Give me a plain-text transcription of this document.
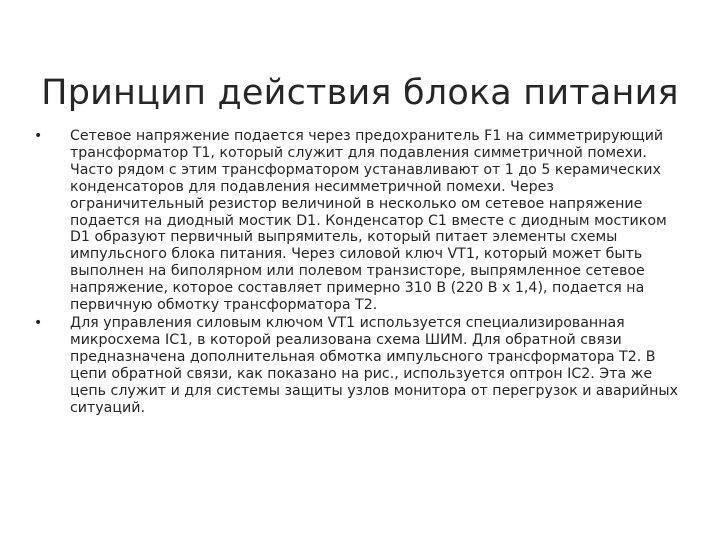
Принцип действия блока питания
• Сетевое напряжение подается через предохранитель F1 на симметрирующий трансформатор Т1, который служит для подавления симметричной помехи. Часто рядом с этим трансформатором устанавливают от 1 до 5 керамических конденсаторов для подавления несимметричной помехи. Через ограничительный резистор величиной в несколько ом сетевое напряжение подается на диодный мостик D1. Конденсатор С1 вместе с диодным мостиком D1 образуют первичный выпрямитель, который питает элементы схемы импульсного блока питания. Через силовой ключ VT1, который может быть выполнен на биполярном или полевом транзисторе, выпрямленное сетевое напряжение, которое составляет примерно 310 В (220 В х 1,4), подается на первичную обмотку трансформатора Т2.
• Для управления силовым ключом VT1 используется специализированная микросхема IC1, в которой реализована схема ШИМ. Для обратной связи предназначена дополнительная обмотка импульсного трансформатора Т2. В цепи обратной связи, как показано на рис., используется оптрон IC2. Эта же цепь служит и для системы защиты узлов монитора от перегрузок и аварийных ситуаций.
